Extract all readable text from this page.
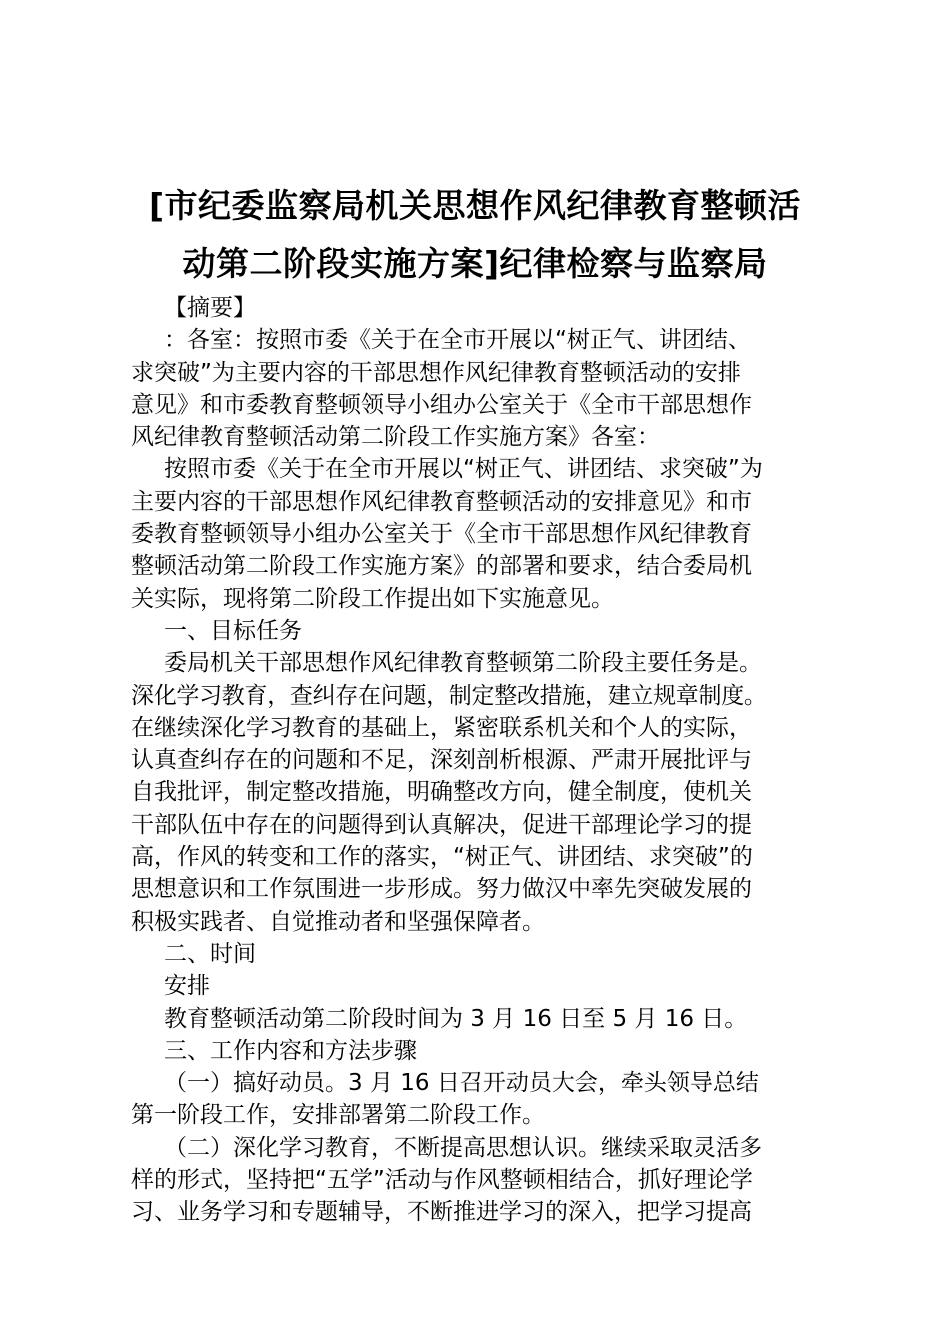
[市纪委监察局机关思想作风纪律教育整顿活
动第二阶段实施方案]纪律检察与监察局
【摘要】
：各室：按照市委《关于在全市开展以“树正气、讲团结、
求突破”为主要内容的干部思想作风纪律教育整顿活动的安排
意见》和市委教育整顿领导小组办公室关于《全市干部思想作
风纪律教育整顿活动第二阶段工作实施方案》各室：
按照市委《关于在全市开展以“树正气、讲团结、求突破”为
主要内容的干部思想作风纪律教育整顿活动的安排意见》和市
委教育整顿领导小组办公室关于《全市干部思想作风纪律教育
整顿活动第二阶段工作实施方案》的部署和要求，结合委局机
关实际，现将第二阶段工作提出如下实施意见。
一、目标任务
委局机关干部思想作风纪律教育整顿第二阶段主要任务是。
深化学习教育，查纠存在问题，制定整改措施，建立规章制度。
在继续深化学习教育的基础上，紧密联系机关和个人的实际，
认真查纠存在的问题和不足，深刻剖析根源、严肃开展批评与
自我批评，制定整改措施，明确整改方向，健全制度，使机关
干部队伍中存在的问题得到认真解决，促进干部理论学习的提
高，作风的转变和工作的落实，“树正气、讲团结、求突破”的
思想意识和工作氛围进一步形成。努力做汉中率先突破发展的
积极实践者、自觉推动者和坚强保障者。
二、时间
安排
教育整顿活动第二阶段时间为 3 月 16 日至 5 月 16 日。
三、工作内容和方法步骤
（一）搞好动员。3 月 16 日召开动员大会，牵头领导总结
第一阶段工作，安排部署第二阶段工作。
（二）深化学习教育，不断提高思想认识。继续采取灵活多
样的形式，坚持把“五学”活动与作风整顿相结合，抓好理论学
习、业务学习和专题辅导，不断推进学习的深入，把学习提高
